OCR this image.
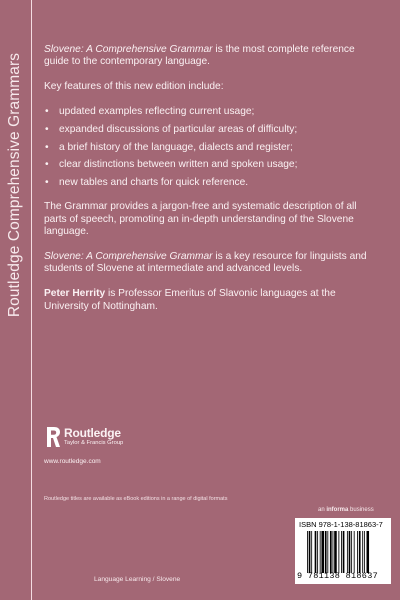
Routledge Comprehensive Grammars

Slovene: A Comprehensive Grammar is the most complete reference guide to the contemporary language.

Key features of this new edition include:

• updated examples reflecting current usage;
• expanded discussions of particular areas of difficulty;
• a brief history of the language, dialects and register;
• clear distinctions between written and spoken usage;
• new tables and charts for quick reference.

The Grammar provides a jargon-free and systematic description of all parts of speech, promoting an in-depth understanding of the Slovene language.

Slovene: A Comprehensive Grammar is a key resource for linguists and students of Slovene at intermediate and advanced levels.

Peter Herrity is Professor Emeritus of Slavonic languages at the University of Nottingham.

Routledge
Taylor & Francis Group
www.routledge.com
Routledge titles are available as eBook editions in a range of digital formats
an informa business
ISBN 978-1-138-81863-7
9 781138 818637
Language Learning / Slovene
